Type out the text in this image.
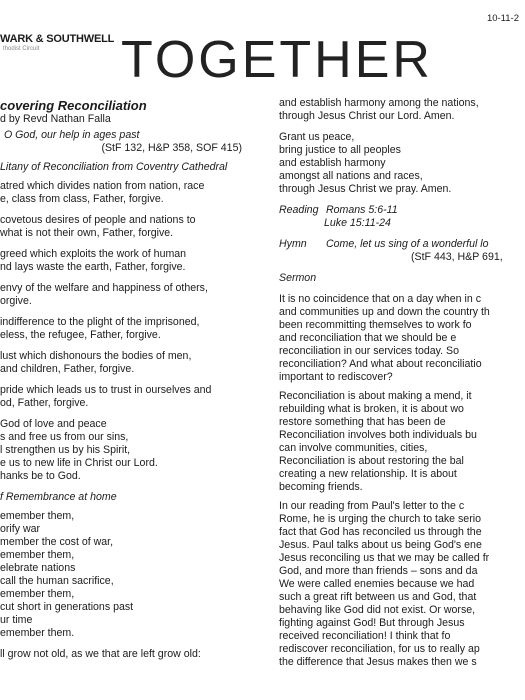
WARK & SOUTHWELL
thodist Circuit
10-11-2
TOGETHER
covering Reconciliation
d by Revd Nathan Falla
O God, our help in ages past
(StF 132, H&P 358, SOF 415)
Litany of Reconciliation from Coventry Cathedral
atred which divides nation from nation, race
e, class from class, Father, forgive.
covetous desires of people and nations to
what is not their own, Father, forgive.
greed which exploits the work of human
nd lays waste the earth, Father, forgive.
envy of the welfare and happiness of others,
orgive.
indifference to the plight of the imprisoned,
eless, the refugee, Father, forgive.
lust which dishonours the bodies of men,
and children, Father, forgive.
pride which leads us to trust in ourselves and
od, Father, forgive.
God of love and peace
s and free us from our sins,
l strengthen us by his Spirit,
e us to new life in Christ our Lord.
hanks be to God.
f Remembrance at home
emember them,
orify war
member the cost of war,
emember them,
elebrate nations
call the human sacrifice,
emember them,
cut short in generations past
ur time
emember them.
ll grow not old, as we that are left grow old:
and establish harmony among the nations,
through Jesus Christ our Lord. Amen.
Grant us peace,
bring justice to all peoples
and establish harmony
amongst all nations and races,
through Jesus Christ we pray. Amen.
Reading Romans 5:6-11
Luke 15:11-24
Hymn	Come, let us sing of a wonderful lo
(StF 443, H&P 691,
Sermon
It is no coincidence that on a day when in c
and communities up and down the country th
been recommitting themselves to work fo
and reconciliation that we should be e
reconciliation in our services today. So
reconciliation? And what about reconciliatio
important to rediscover?
Reconciliation is about making a mend, it
rebuilding what is broken, it is about wo
restore something that has been de
Reconciliation involves both individuals bu
can involve communities, cities,
Reconciliation is about restoring the bal
creating a new relationship. It is about
becoming friends.
In our reading from Paul's letter to the c
Rome, he is urging the church to take serio
fact that God has reconciled us through the
Jesus. Paul talks about us being God's ene
Jesus reconciling us that we may be called fr
God, and more than friends – sons and da
We were called enemies because we had
such a great rift between us and God, that
behaving like God did not exist. Or worse,
fighting against God! But through Jesus
received reconciliation! I think that fo
rediscover reconciliation, for us to really ap
the difference that Jesus makes then we s
